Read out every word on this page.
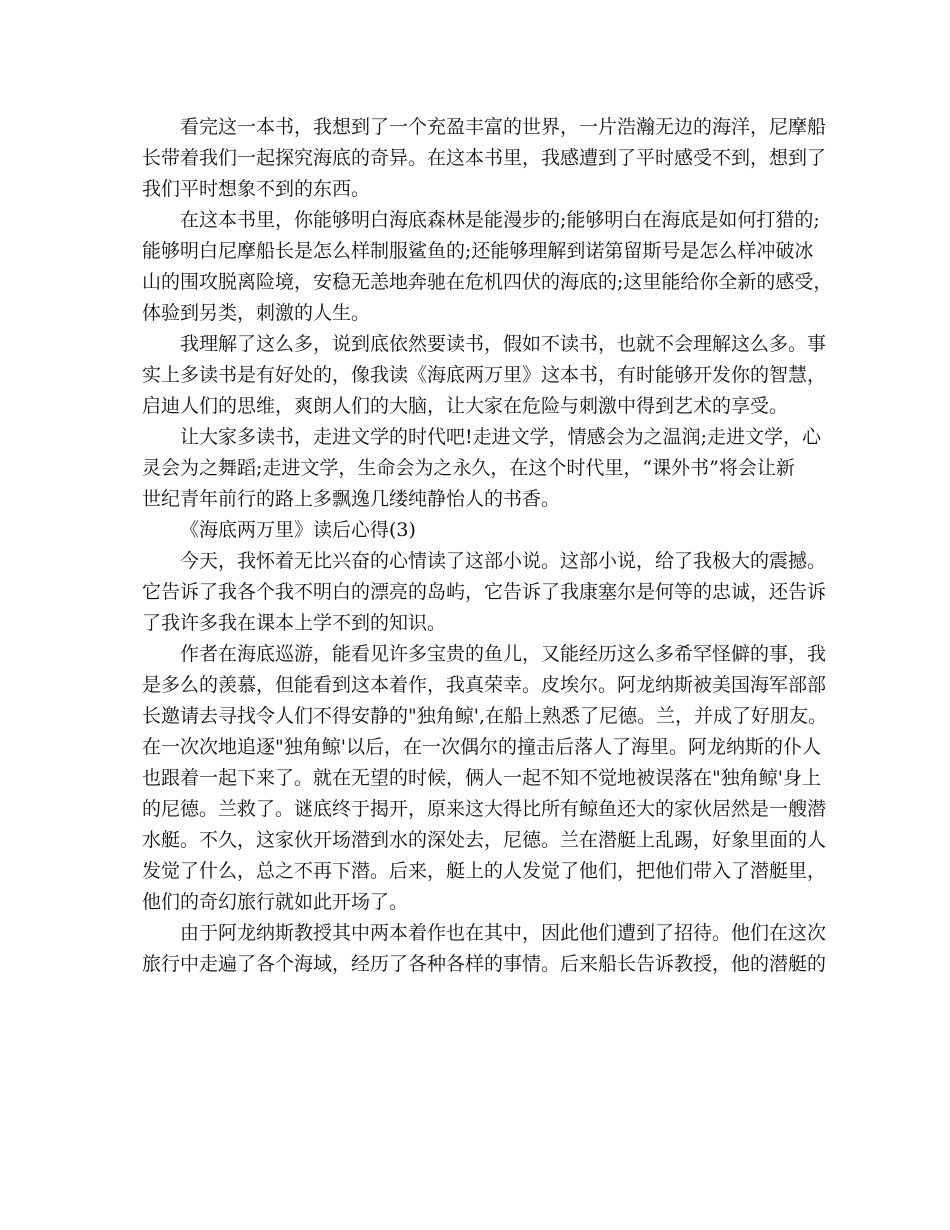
看完这一本书，我想到了一个充盈丰富的世界，一片浩瀚无边的海洋，尼摩船
长带着我们一起探究海底的奇异。在这本书里，我感遭到了平时感受不到，想到了
我们平时想象不到的东西。
在这本书里，你能够明白海底森林是能漫步的;能够明白在海底是如何打猎的;
能够明白尼摩船长是怎么样制服鲨鱼的;还能够理解到诺第留斯号是怎么样冲破冰
山的围攻脱离险境，安稳无恙地奔驰在危机四伏的海底的;这里能给你全新的感受，
体验到另类，刺激的人生。
我理解了这么多，说到底依然要读书，假如不读书，也就不会理解这么多。事
实上多读书是有好处的，像我读《海底两万里》这本书，有时能够开发你的智慧，
启迪人们的思维，爽朗人们的大脑，让大家在危险与刺激中得到艺术的享受。
让大家多读书，走进文学的时代吧!走进文学，情感会为之温润;走进文学，心
灵会为之舞蹈;走进文学，生命会为之永久，在这个时代里，“课外书”将会让新
世纪青年前行的路上多飘逸几缕纯静怡人的书香。
《海底两万里》读后心得(3)
今天，我怀着无比兴奋的心情读了这部小说。这部小说，给了我极大的震撼。
它告诉了我各个我不明白的漂亮的岛屿，它告诉了我康塞尔是何等的忠诚，还告诉
了我许多我在课本上学不到的知识。
作者在海底巡游，能看见许多宝贵的鱼儿，又能经历这么多希罕怪僻的事，我
是多么的羡慕，但能看到这本着作，我真荣幸。皮埃尔。阿龙纳斯被美国海军部部
长邀请去寻找令人们不得安静的"独角鲸',在船上熟悉了尼德。兰，并成了好朋友。
在一次次地追逐"独角鲸'以后，在一次偶尔的撞击后落人了海里。阿龙纳斯的仆人
也跟着一起下来了。就在无望的时候，俩人一起不知不觉地被误落在"独角鲸'身上
的尼德。兰救了。谜底终于揭开，原来这大得比所有鲸鱼还大的家伙居然是一艘潜
水艇。不久，这家伙开场潜到水的深处去，尼德。兰在潜艇上乱踢，好象里面的人
发觉了什么，总之不再下潜。后来，艇上的人发觉了他们，把他们带入了潜艇里，
他们的奇幻旅行就如此开场了。
由于阿龙纳斯教授其中两本着作也在其中，因此他们遭到了招待。他们在这次
旅行中走遍了各个海域，经历了各种各样的事情。后来船长告诉教授，他的潜艇的
